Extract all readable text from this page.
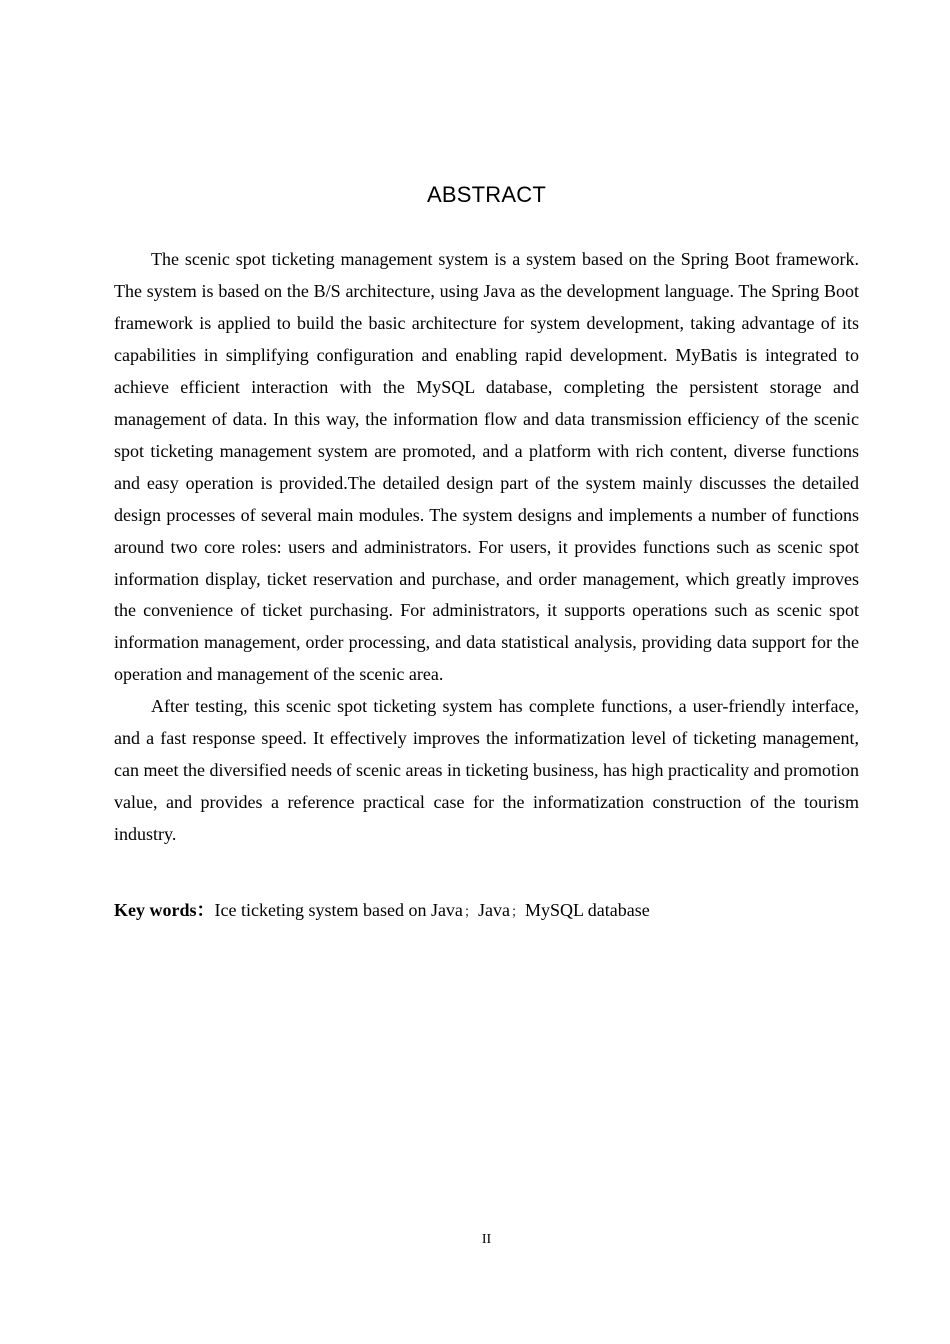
ABSTRACT

The scenic spot ticketing management system is a system based on the Spring Boot framework. The system is based on the B/S architecture, using Java as the development language. The Spring Boot framework is applied to build the basic architecture for system development, taking advantage of its capabilities in simplifying configuration and enabling rapid development. MyBatis is integrated to achieve efficient interaction with the MySQL database, completing the persistent storage and management of data. In this way, the information flow and data transmission efficiency of the scenic spot ticketing management system are promoted, and a platform with rich content, diverse functions and easy operation is provided.The detailed design part of the system mainly discusses the detailed design processes of several main modules. The system designs and implements a number of functions around two core roles: users and administrators. For users, it provides functions such as scenic spot information display, ticket reservation and purchase, and order management, which greatly improves the convenience of ticket purchasing. For administrators, it supports operations such as scenic spot information management, order processing, and data statistical analysis, providing data support for the operation and management of the scenic area.

After testing, this scenic spot ticketing system has complete functions, a user-friendly interface, and a fast response speed. It effectively improves the informatization level of ticketing management, can meet the diversified needs of scenic areas in ticketing business, has high practicality and promotion value, and provides a reference practical case for the informatization construction of the tourism industry.

Key words：Ice ticketing system based on Java；Java；MySQL database
II
